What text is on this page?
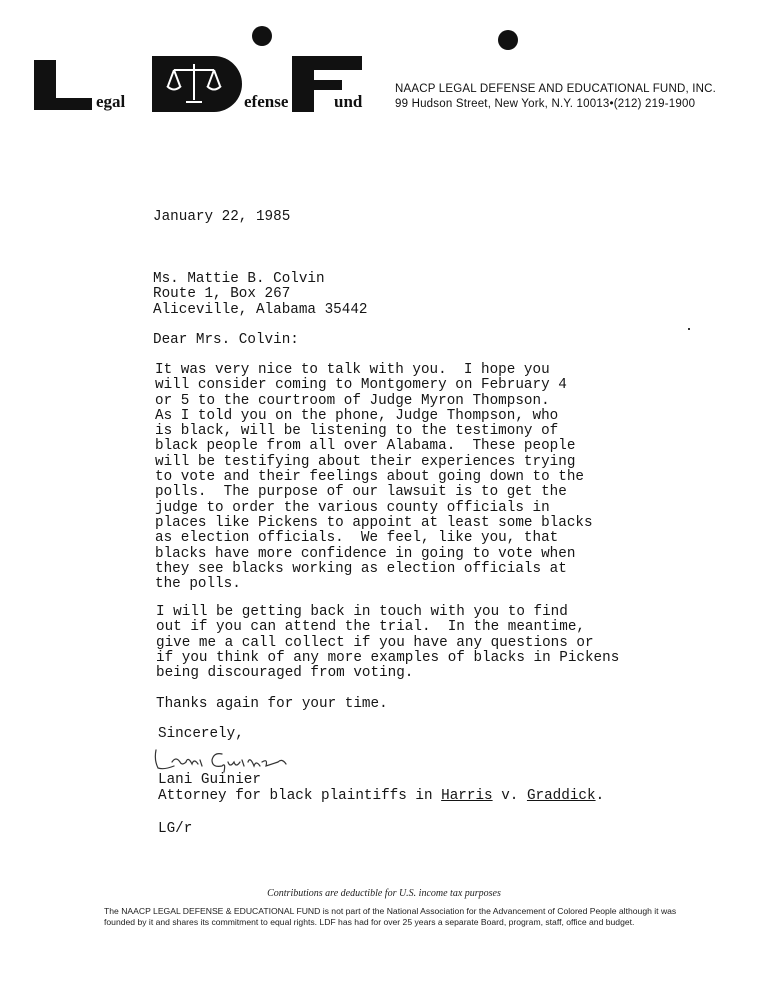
egal	efense	und
NAACP LEGAL DEFENSE AND EDUCATIONAL FUND, INC.
99 Hudson Street, New York, N.Y. 10013•(212) 219-1900
January 22, 1985
Ms. Mattie B. Colvin
Route 1, Box 267
Aliceville, Alabama 35442
Dear Mrs. Colvin:
It was very nice to talk with you.  I hope you
will consider coming to Montgomery on February 4
or 5 to the courtroom of Judge Myron Thompson.
As I told you on the phone, Judge Thompson, who
is black, will be listening to the testimony of
black people from all over Alabama.  These people
will be testifying about their experiences trying
to vote and their feelings about going down to the
polls.  The purpose of our lawsuit is to get the
judge to order the various county officials in
places like Pickens to appoint at least some blacks
as election officials.  We feel, like you, that
blacks have more confidence in going to vote when
they see blacks working as election officials at
the polls.
I will be getting back in touch with you to find
out if you can attend the trial.  In the meantime,
give me a call collect if you have any questions or
if you think of any more examples of blacks in Pickens
being discouraged from voting.
Thanks again for your time.
Sincerely,
Lani Guinier
Attorney for black plaintiffs in Harris v. Graddick.
LG/r
Contributions are deductible for U.S. income tax purposes
The NAACP LEGAL DEFENSE & EDUCATIONAL FUND is not part of the National Association for the Advancement of Colored People although it was founded by it and shares its commitment to equal rights. LDF has had for over 25 years a separate Board, program, staff, office and budget.
